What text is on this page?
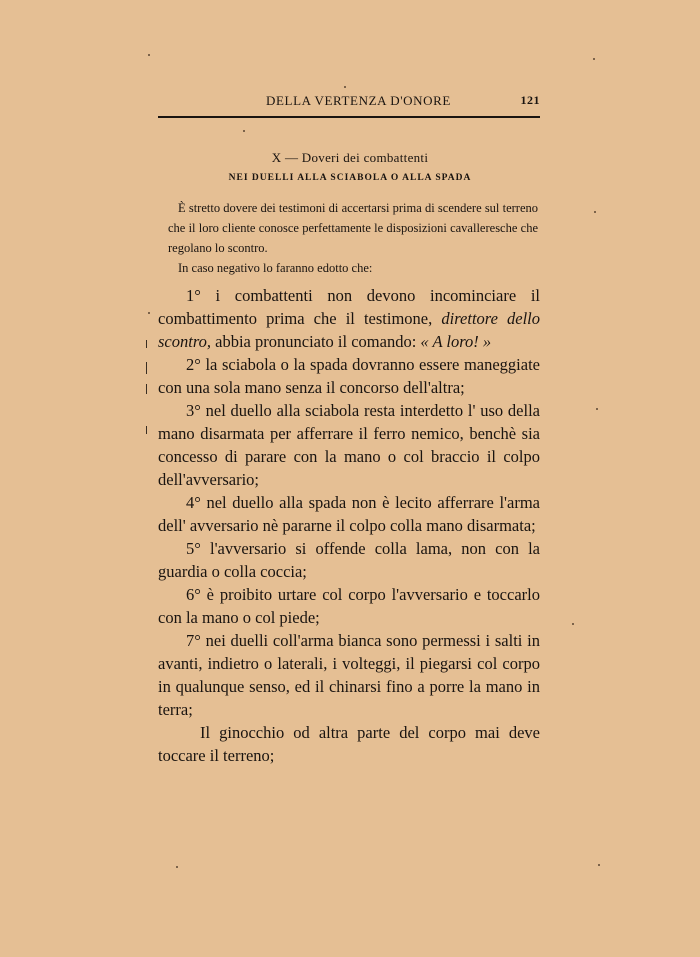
DELLA VERTENZA D'ONORE	121
X — Doveri dei combattenti
NEI DUELLI ALLA SCIABOLA O ALLA SPADA

È stretto dovere dei testimoni di accertarsi prima di scendere sul terreno che il loro cliente conosce perfettamente le disposizioni cavalleresche che regolano lo scontro.

In caso negativo lo faranno edotto che:

1° i combattenti non devono incominciare il combattimento prima che il testimone, direttore dello scontro, abbia pronunciato il comando: « A loro! »

2° la sciabola o la spada dovranno essere maneggiate con una sola mano senza il concorso dell'altra;

3° nel duello alla sciabola resta interdetto l' uso della mano disarmata per afferrare il ferro nemico, benchè sia concesso di parare con la mano o col braccio il colpo dell'avversario;

4° nel duello alla spada non è lecito afferrare l'arma dell' avversario nè pararne il colpo colla mano disarmata;

5° l'avversario si offende colla lama, non con la guardia o colla coccia;

6° è proibito urtare col corpo l'avversario e toccarlo con la mano o col piede;

7° nei duelli coll'arma bianca sono permessi i salti in avanti, indietro o laterali, i volteggi, il piegarsi col corpo in qualunque senso, ed il chinarsi fino a porre la mano in terra;

Il ginocchio od altra parte del corpo mai deve toccare il terreno;
